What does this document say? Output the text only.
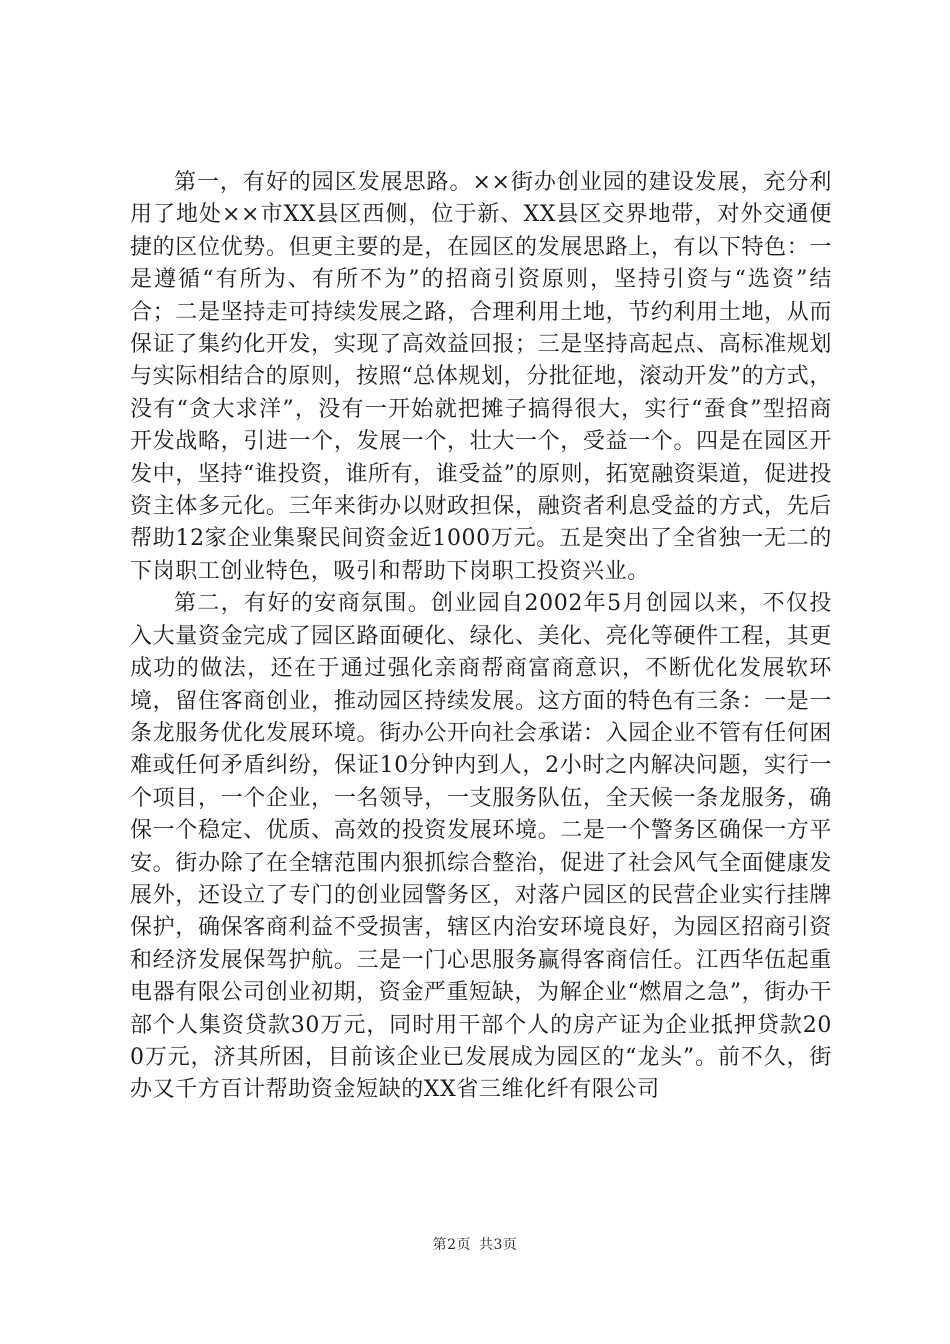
第一，有好的园区发展思路。××街办创业园的建设发展，充分利用了地处××市XX县区西侧，位于新、XX县区交界地带，对外交通便捷的区位优势。但更主要的是，在园区的发展思路上，有以下特色：一是遵循“有所为、有所不为”的招商引资原则，坚持引资与“选资”结合；二是坚持走可持续发展之路，合理利用土地，节约利用土地，从而保证了集约化开发，实现了高效益回报；三是坚持高起点、高标准规划与实际相结合的原则，按照“总体规划，分批征地，滚动开发”的方式，没有“贪大求洋”，没有一开始就把摊子搞得很大，实行“蚕食”型招商开发战略，引进一个，发展一个，壮大一个，受益一个。四是在园区开发中，坚持“谁投资，谁所有，谁受益”的原则，拓宽融资渠道，促进投资主体多元化。三年来街办以财政担保，融资者利息受益的方式，先后帮助12家企业集聚民间资金近1000万元。五是突出了全省独一无二的下岗职工创业特色，吸引和帮助下岗职工投资兴业。

第二，有好的安商氛围。创业园自2002年5月创园以来，不仅投入大量资金完成了园区路面硬化、绿化、美化、亮化等硬件工程，其更成功的做法，还在于通过强化亲商帮商富商意识，不断优化发展软环境，留住客商创业，推动园区持续发展。这方面的特色有三条：一是一条龙服务优化发展环境。街办公开向社会承诺：入园企业不管有任何困难或任何矛盾纠纷，保证10分钟内到人，2小时之内解决问题，实行一个项目，一个企业，一名领导，一支服务队伍，全天候一条龙服务，确保一个稳定、优质、高效的投资发展环境。二是一个警务区确保一方平安。街办除了在全辖范围内狠抓综合整治，促进了社会风气全面健康发展外，还设立了专门的创业园警务区，对落户园区的民营企业实行挂牌保护，确保客商利益不受损害，辖区内治安环境良好，为园区招商引资和经济发展保驾护航。三是一门心思服务赢得客商信任。江西华伍起重电器有限公司创业初期，资金严重短缺，为解企业“燃眉之急”，街办干部个人集资贷款30万元，同时用干部个人的房产证为企业抵押贷款200万元，济其所困，目前该企业已发展成为园区的“龙头”。前不久，街办又千方百计帮助资金短缺的XX省三维化纤有限公司

第2页 共3页
